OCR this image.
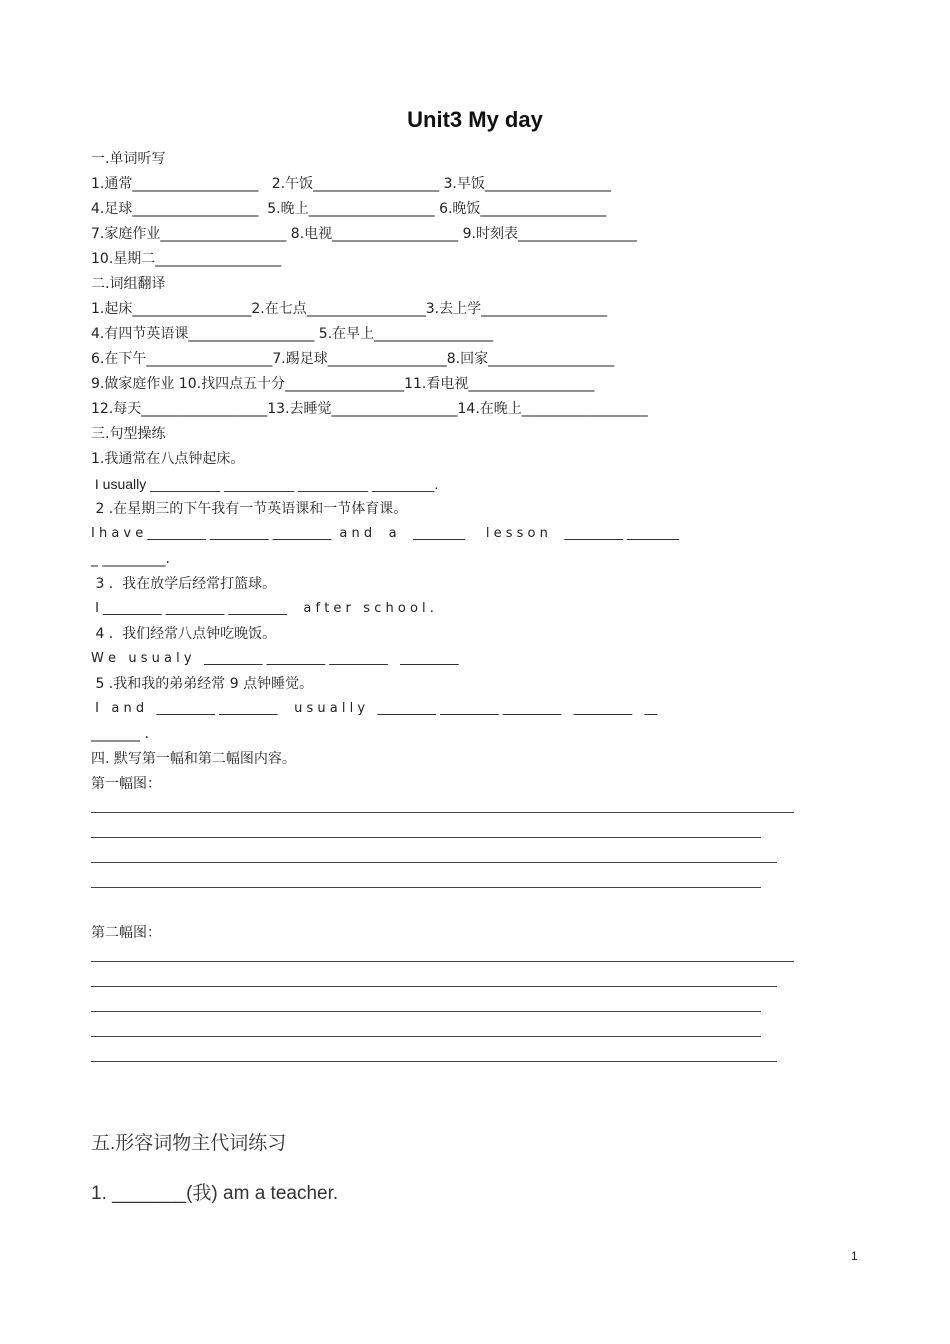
Unit3 My day
一.单词听写
1.通常__________________   2.午饭__________________ 3.早饭__________________
4.足球__________________  5.晚上__________________ 6.晚饭__________________
7.家庭作业__________________ 8.电视__________________ 9.时刻表_________________
10.星期二__________________
二.词组翻译
1.起床_________________2.在七点_________________3.去上学__________________
4.有四节英语课__________________ 5.在早上_________________
6.在下午__________________7.踢足球_________________8.回家__________________
9.做家庭作业 10.找四点五十分_________________11.看电视__________________
12.每天__________________13.去睡觉__________________14.在晚上__________________
三.句型操练
1.我通常在八点钟起床。
I usually _________ _________ _________ ________.
2 .在星期三的下午我有一节英语课和一节体育课。
I h a v e _________ _________ _________  a n d    a    ________     l e s s o n    _________ ________
_ _________.
3 .  我在放学后经常打篮球。
I _________ _________ _________    a f t e r   s c h o o l .
4 .  我们经常八点钟吃晚饭。
W e   u s u a l y   _________ _________ _________   _________
5 .我和我的弟弟经常 9 点钟睡觉。
I   a n d   _________ _________    u s u a l l y   _________ _________ _________   _________   __
_______ .
四. 默写第一幅和第二幅图内容。
第一幅图：
第二幅图：
五.形容词物主代词练习
1. _______(我) am a teacher.
1
